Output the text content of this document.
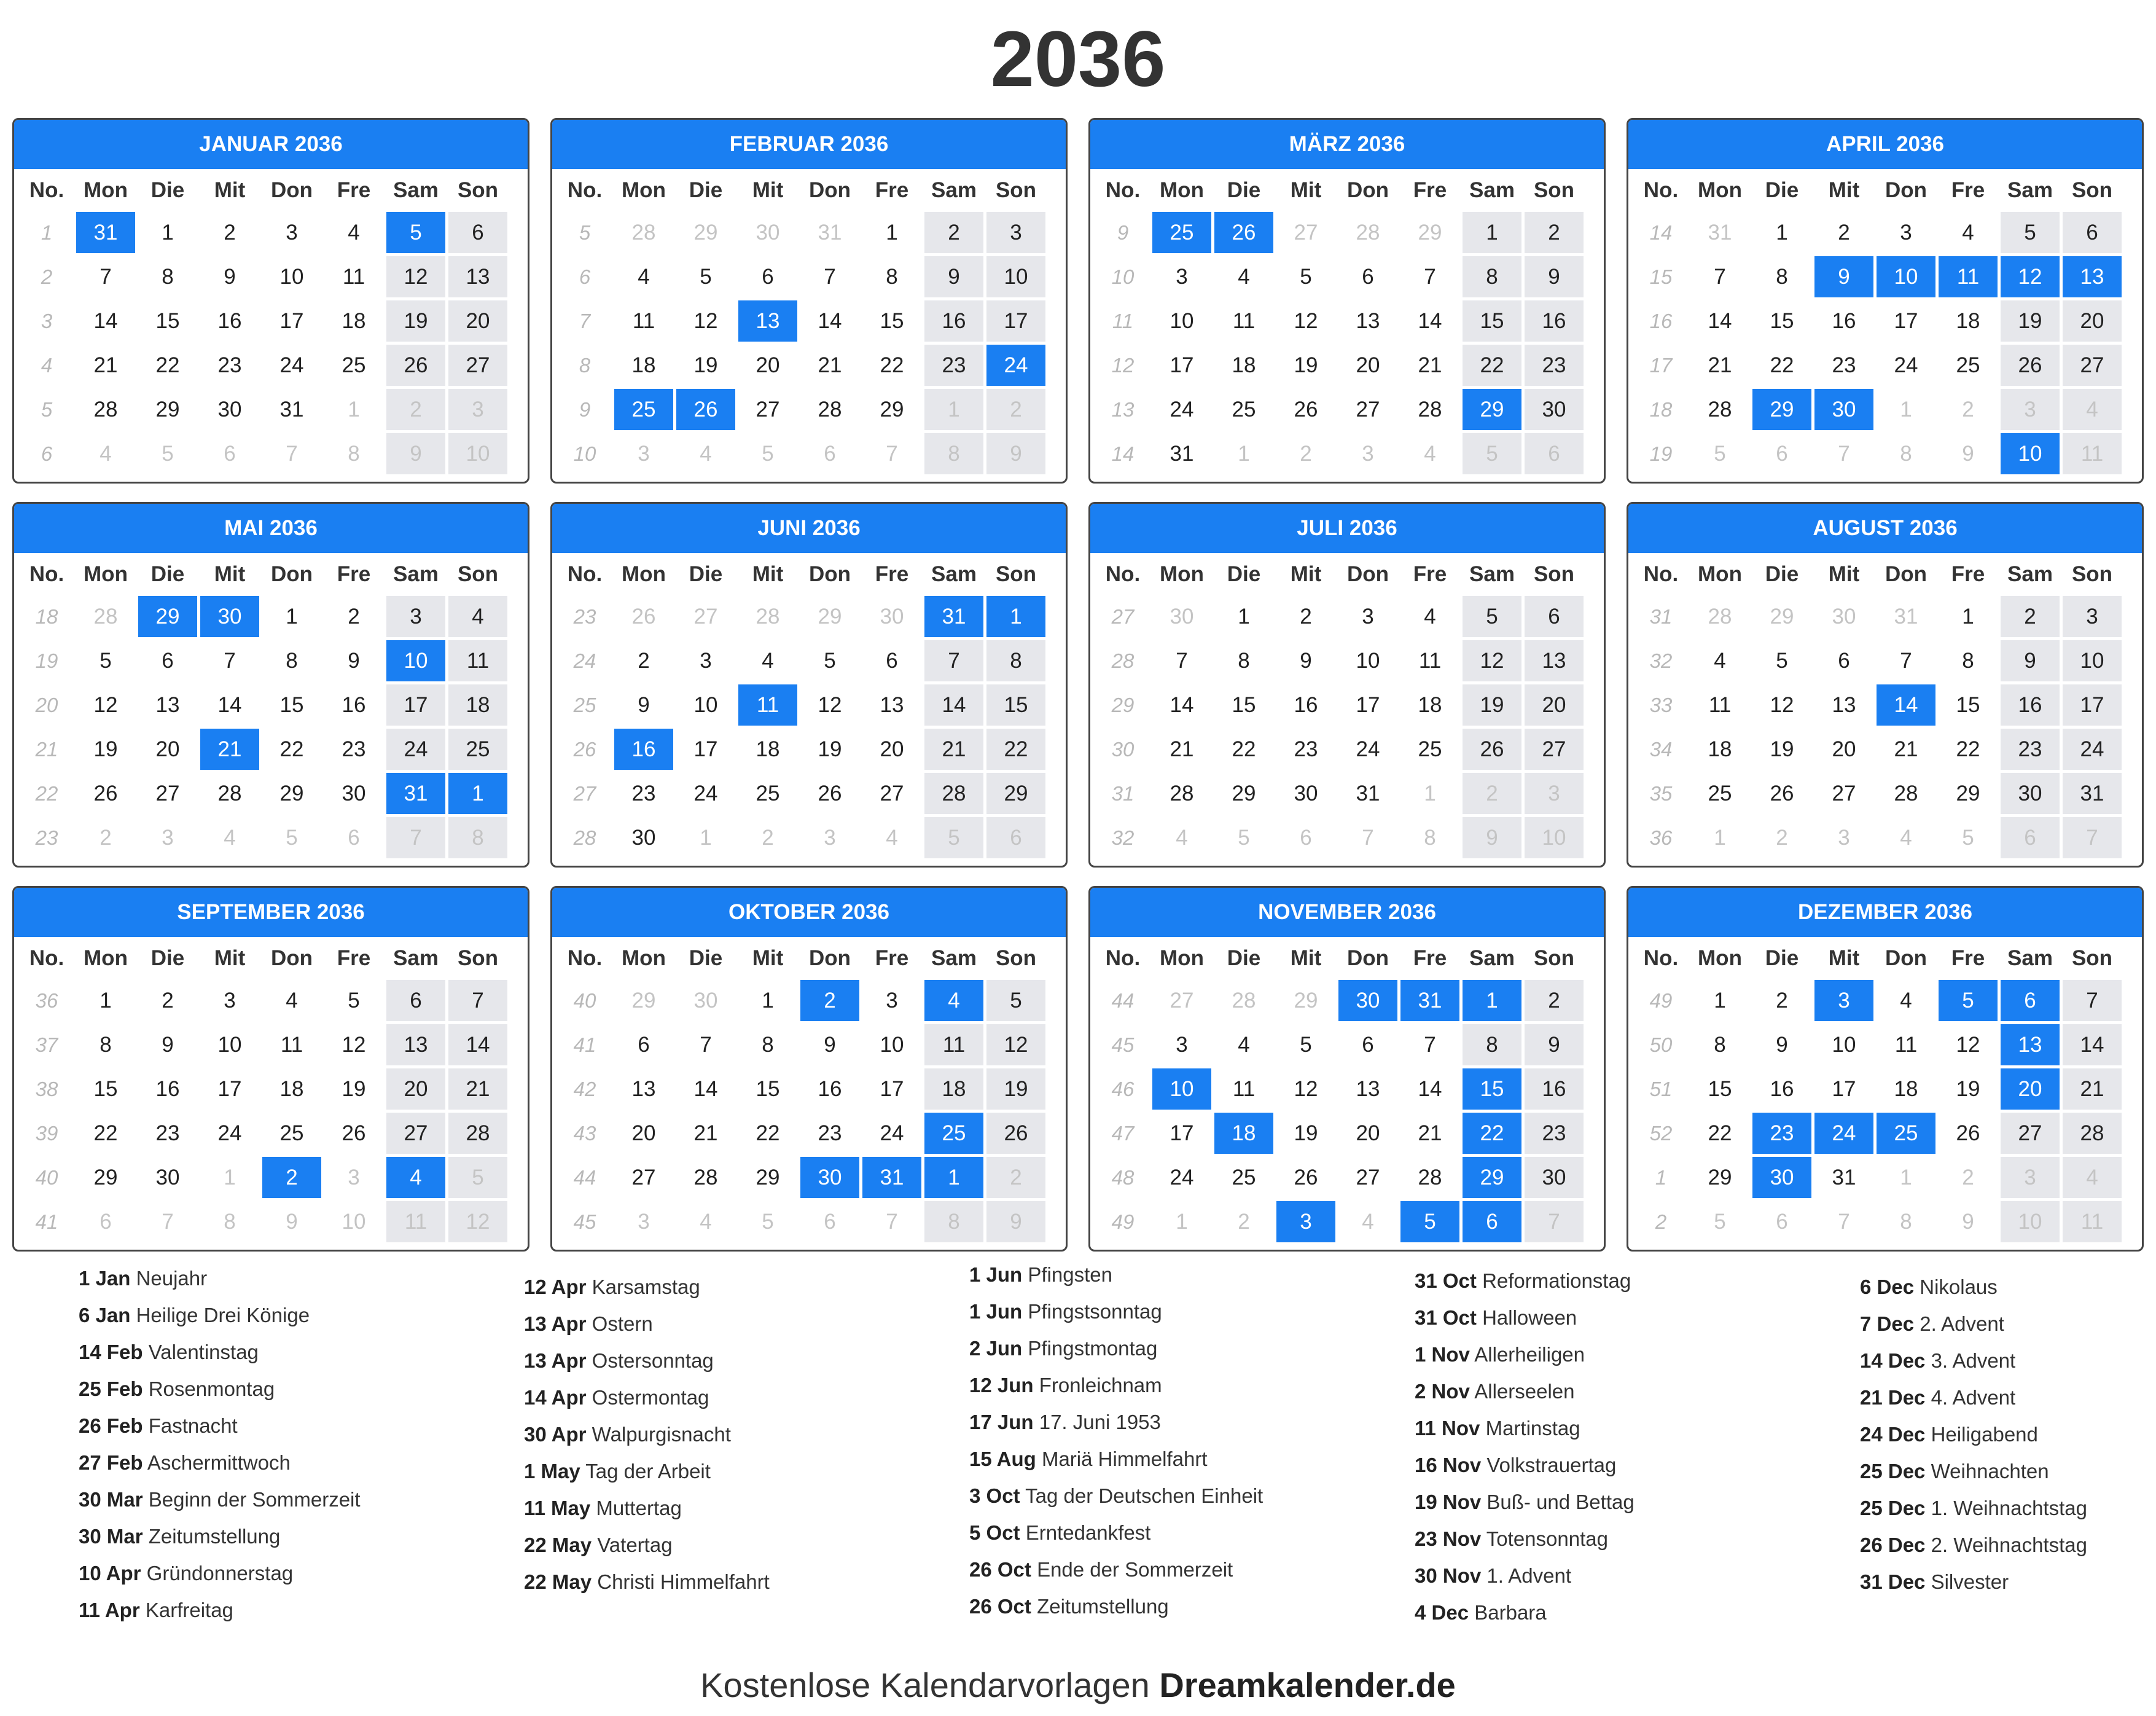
2036
JANUAR 2036
No.	Mon	Die	Mit	Don	Fre	Sam	Son
1	31	1	2	3	4	5	6
2	7	8	9	10	11	12	13
3	14	15	16	17	18	19	20
4	21	22	23	24	25	26	27
5	28	29	30	31	1	2	3
6	4	5	6	7	8	9	10
FEBRUAR 2036
No.	Mon	Die	Mit	Don	Fre	Sam	Son
5	28	29	30	31	1	2	3
6	4	5	6	7	8	9	10
7	11	12	13	14	15	16	17
8	18	19	20	21	22	23	24
9	25	26	27	28	29	1	2
10	3	4	5	6	7	8	9
MÄRZ 2036
No.	Mon	Die	Mit	Don	Fre	Sam	Son
9	25	26	27	28	29	1	2
10	3	4	5	6	7	8	9
11	10	11	12	13	14	15	16
12	17	18	19	20	21	22	23
13	24	25	26	27	28	29	30
14	31	1	2	3	4	5	6
APRIL 2036
No.	Mon	Die	Mit	Don	Fre	Sam	Son
14	31	1	2	3	4	5	6
15	7	8	9	10	11	12	13
16	14	15	16	17	18	19	20
17	21	22	23	24	25	26	27
18	28	29	30	1	2	3	4
19	5	6	7	8	9	10	11
MAI 2036
No.	Mon	Die	Mit	Don	Fre	Sam	Son
18	28	29	30	1	2	3	4
19	5	6	7	8	9	10	11
20	12	13	14	15	16	17	18
21	19	20	21	22	23	24	25
22	26	27	28	29	30	31	1
23	2	3	4	5	6	7	8
JUNI 2036
No.	Mon	Die	Mit	Don	Fre	Sam	Son
23	26	27	28	29	30	31	1
24	2	3	4	5	6	7	8
25	9	10	11	12	13	14	15
26	16	17	18	19	20	21	22
27	23	24	25	26	27	28	29
28	30	1	2	3	4	5	6
JULI 2036
No.	Mon	Die	Mit	Don	Fre	Sam	Son
27	30	1	2	3	4	5	6
28	7	8	9	10	11	12	13
29	14	15	16	17	18	19	20
30	21	22	23	24	25	26	27
31	28	29	30	31	1	2	3
32	4	5	6	7	8	9	10
AUGUST 2036
No.	Mon	Die	Mit	Don	Fre	Sam	Son
31	28	29	30	31	1	2	3
32	4	5	6	7	8	9	10
33	11	12	13	14	15	16	17
34	18	19	20	21	22	23	24
35	25	26	27	28	29	30	31
36	1	2	3	4	5	6	7
SEPTEMBER 2036
No.	Mon	Die	Mit	Don	Fre	Sam	Son
36	1	2	3	4	5	6	7
37	8	9	10	11	12	13	14
38	15	16	17	18	19	20	21
39	22	23	24	25	26	27	28
40	29	30	1	2	3	4	5
41	6	7	8	9	10	11	12
OKTOBER 2036
No.	Mon	Die	Mit	Don	Fre	Sam	Son
40	29	30	1	2	3	4	5
41	6	7	8	9	10	11	12
42	13	14	15	16	17	18	19
43	20	21	22	23	24	25	26
44	27	28	29	30	31	1	2
45	3	4	5	6	7	8	9
NOVEMBER 2036
No.	Mon	Die	Mit	Don	Fre	Sam	Son
44	27	28	29	30	31	1	2
45	3	4	5	6	7	8	9
46	10	11	12	13	14	15	16
47	17	18	19	20	21	22	23
48	24	25	26	27	28	29	30
49	1	2	3	4	5	6	7
DEZEMBER 2036
No.	Mon	Die	Mit	Don	Fre	Sam	Son
49	1	2	3	4	5	6	7
50	8	9	10	11	12	13	14
51	15	16	17	18	19	20	21
52	22	23	24	25	26	27	28
1	29	30	31	1	2	3	4
2	5	6	7	8	9	10	11
1 Jan Neujahr
6 Jan Heilige Drei Könige
14 Feb Valentinstag
25 Feb Rosenmontag
26 Feb Fastnacht
27 Feb Aschermittwoch
30 Mar Beginn der Sommerzeit
30 Mar Zeitumstellung
10 Apr Gründonnerstag
11 Apr Karfreitag
12 Apr Karsamstag
13 Apr Ostern
13 Apr Ostersonntag
14 Apr Ostermontag
30 Apr Walpurgisnacht
1 May Tag der Arbeit
11 May Muttertag
22 May Vatertag
22 May Christi Himmelfahrt
1 Jun Pfingsten
1 Jun Pfingstsonntag
2 Jun Pfingstmontag
12 Jun Fronleichnam
17 Jun 17. Juni 1953
15 Aug Mariä Himmelfahrt
3 Oct Tag der Deutschen Einheit
5 Oct Erntedankfest
26 Oct Ende der Sommerzeit
26 Oct Zeitumstellung
31 Oct Reformationstag
31 Oct Halloween
1 Nov Allerheiligen
2 Nov Allerseelen
11 Nov Martinstag
16 Nov Volkstrauertag
19 Nov Buß- und Bettag
23 Nov Totensonntag
30 Nov 1. Advent
4 Dec Barbara
6 Dec Nikolaus
7 Dec 2. Advent
14 Dec 3. Advent
21 Dec 4. Advent
24 Dec Heiligabend
25 Dec Weihnachten
25 Dec 1. Weihnachtstag
26 Dec 2. Weihnachtstag
31 Dec Silvester
Kostenlose Kalendarvorlagen Dreamkalender.de
